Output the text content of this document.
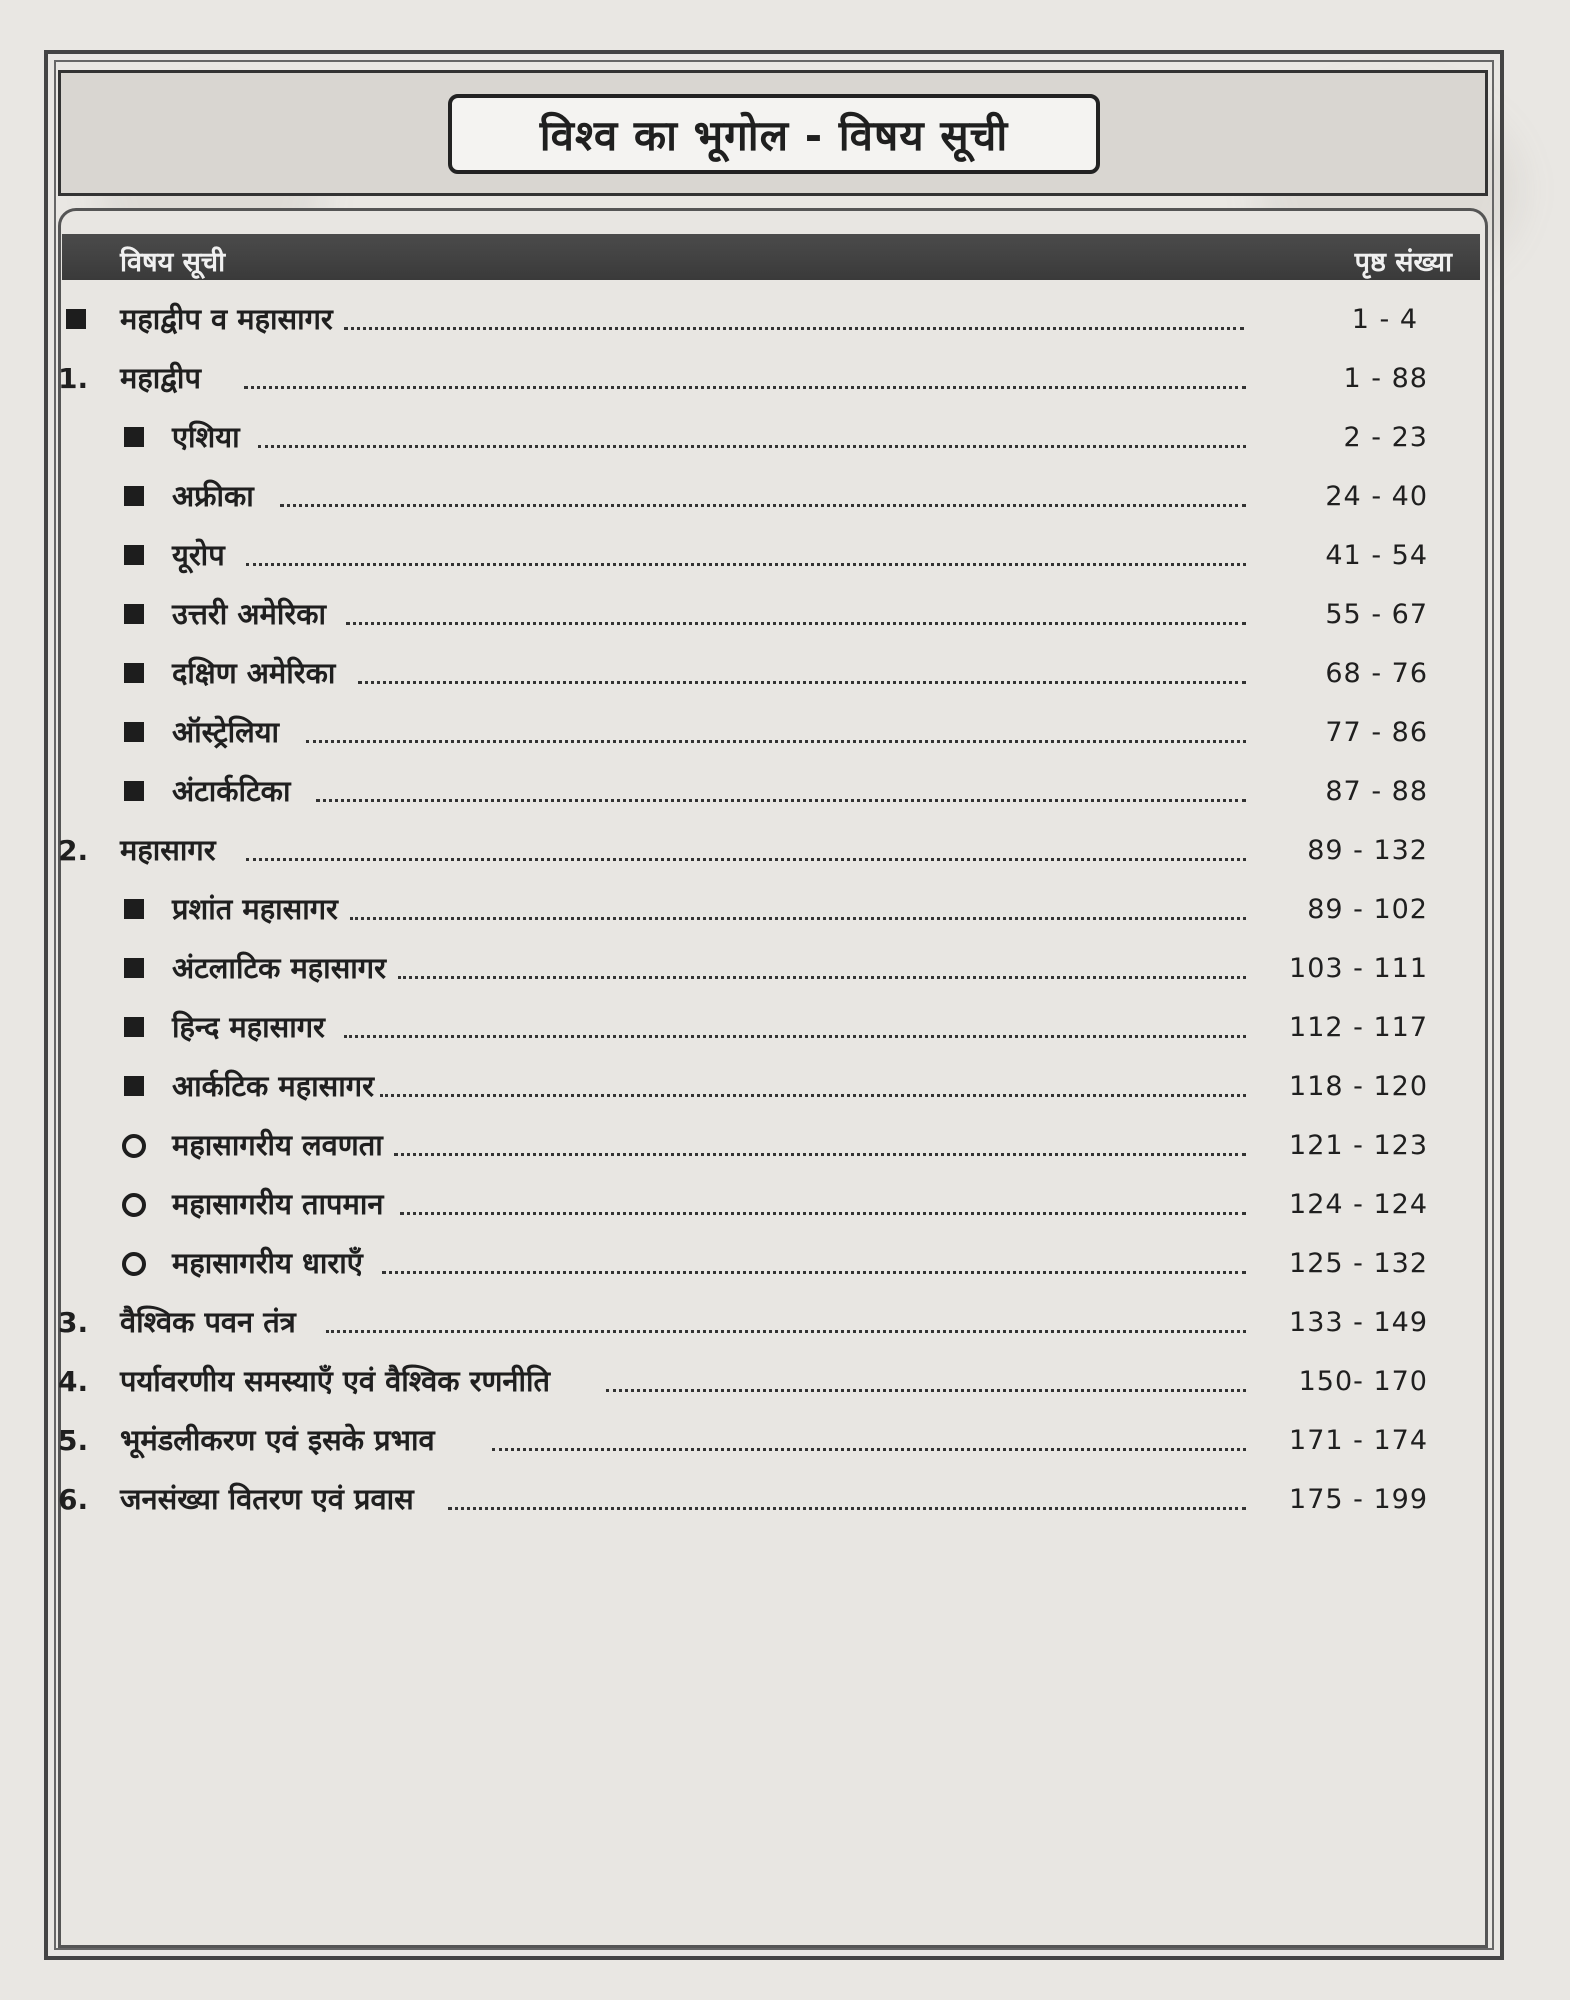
विश्व का भूगोल - विषय सूची
विषय सूची	पृष्ठ संख्या
महाद्वीप व महासागर	1 - 4
1. महाद्वीप	1 - 88
एशिया	2 - 23
अफ्रीका	24 - 40
यूरोप	41 - 54
उत्तरी अमेरिका	55 - 67
दक्षिण अमेरिका	68 - 76
ऑस्ट्रेलिया	77 - 86
अंटार्कटिका	87 - 88
2. महासागर	89 - 132
प्रशांत महासागर	89 - 102
अंटलाटिक महासागर	103 - 111
हिन्द महासागर	112 - 117
आर्कटिक महासागर	118 - 120
महासागरीय लवणता	121 - 123
महासागरीय तापमान	124 - 124
महासागरीय धाराएँ	125 - 132
3. वैश्विक पवन तंत्र	133 - 149
4. पर्यावरणीय समस्याएँ एवं वैश्विक रणनीति	150- 170
5. भूमंडलीकरण एवं इसके प्रभाव	171 - 174
6. जनसंख्या वितरण एवं प्रवास	175 - 199
